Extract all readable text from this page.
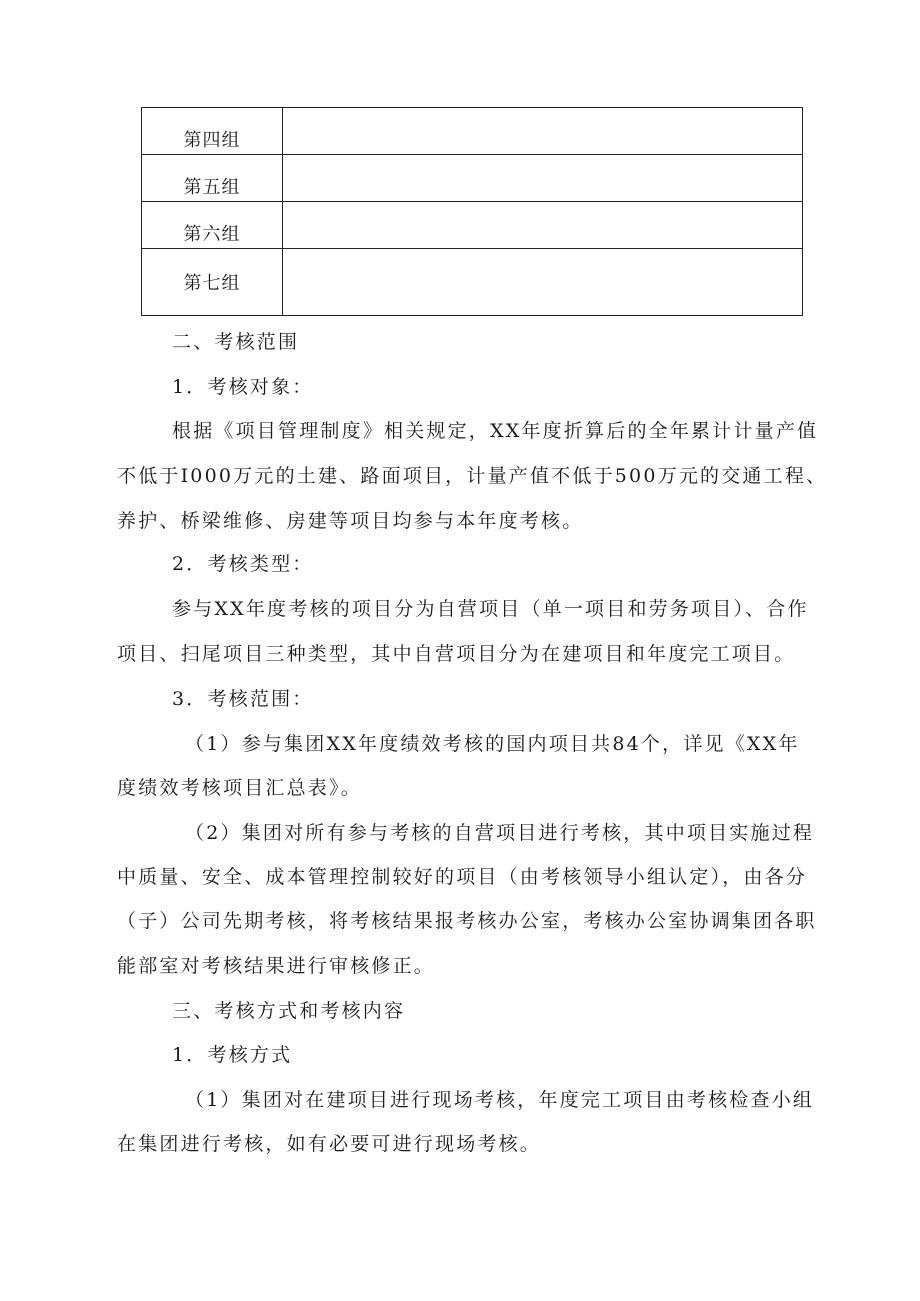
第四组	
第五组	
第六组	
第七组	
二、考核范围
1．考核对象：
根据《项目管理制度》相关规定，XX年度折算后的全年累计计量产值
不低于I000万元的土建、路面项目，计量产值不低于500万元的交通工程、
养护、桥梁维修、房建等项目均参与本年度考核。
2．考核类型：
参与XX年度考核的项目分为自营项目（单一项目和劳务项目）、合作
项目、扫尾项目三种类型，其中自营项目分为在建项目和年度完工项目。
3．考核范围：
（1）参与集团XX年度绩效考核的国内项目共84个，详见《XX年
度绩效考核项目汇总表》。
（2）集团对所有参与考核的自营项目进行考核，其中项目实施过程
中质量、安全、成本管理控制较好的项目（由考核领导小组认定），由各分
（子）公司先期考核，将考核结果报考核办公室，考核办公室协调集团各职
能部室对考核结果进行审核修正。
三、考核方式和考核内容
1．考核方式
（1）集团对在建项目进行现场考核，年度完工项目由考核检查小组
在集团进行考核，如有必要可进行现场考核。
